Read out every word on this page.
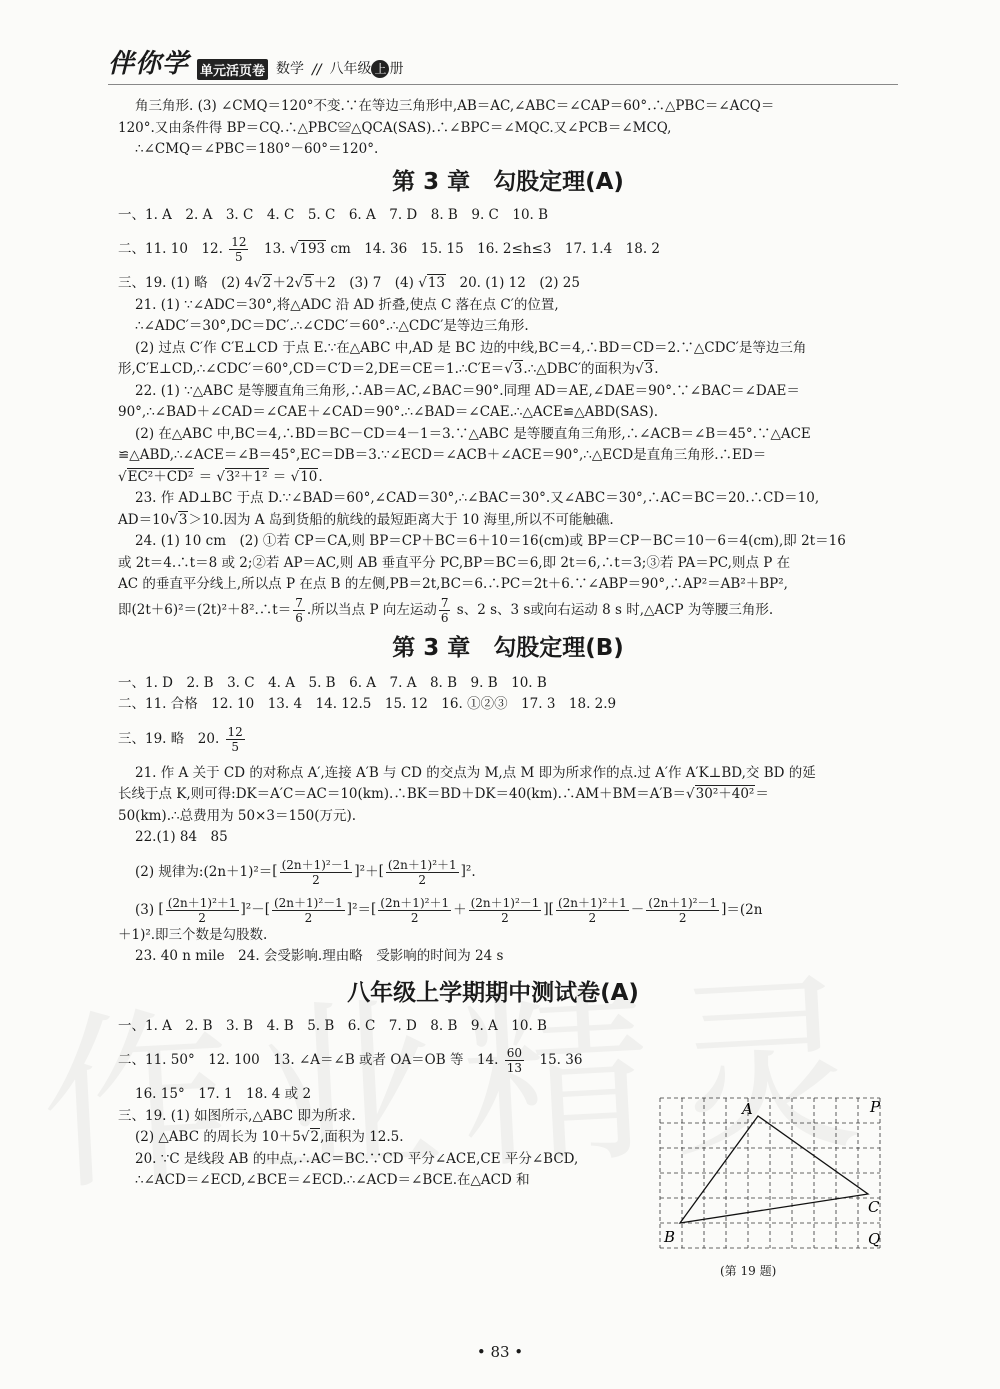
伴你学 单元活页卷 数学 // 八年级 上 册

角三角形. (3) ∠CMQ＝120°不变.∵在等边三角形中,AB＝AC,∠ABC＝∠CAP＝60°.∴△PBC＝∠ACQ＝

120°.又由条件得 BP＝CQ.∴△PBC≌△QCA(SAS).∴∠BPC＝∠MQC.又∠PCB＝∠MCQ,

∴∠CMQ＝∠PBC＝180°－60°＝120°.

第 3 章　勾股定理(A)

一、1. A　2. A　3. C　4. C　5. C　6. A　7. D　8. B　9. C　10. B

二、11. 10　12. $\frac{12}{5}$ 　13. √193 cm　14. 36　15. 15　16. 2≤h≤3　17. 1.4　18. 2

三、19. (1) 略　(2) 4√2＋2√5＋2　(3) 7　(4) √13　20. (1) 12　(2) 25

21. (1) ∵∠ADC＝30°,将△ADC 沿 AD 折叠,使点 C 落在点 C′的位置,

∴∠ADC′＝30°,DC＝DC′.∴∠CDC′＝60°.∴△CDC′是等边三角形.

(2) 过点 C′作 C′E⊥CD 于点 E.∵在△ABC 中,AD 是 BC 边的中线,BC＝4,∴BD＝CD＝2.∵△CDC′是等边三角

形,C′E⊥CD,∴∠CDC′＝60°,CD＝C′D＝2,DE＝CE＝1.∴C′E＝√3.∴△DBC′的面积为√3.

22. (1) ∵△ABC 是等腰直角三角形,∴AB＝AC,∠BAC＝90°.同理 AD＝AE,∠DAE＝90°.∵∠BAC＝∠DAE＝

90°,∴∠BAD＋∠CAD＝∠CAE＋∠CAD＝90°.∴∠BAD＝∠CAE.∴△ACE≌△ABD(SAS).

(2) 在△ABC 中,BC＝4,∴BD＝BC－CD＝4－1＝3.∵△ABC 是等腰直角三角形,∴∠ACB＝∠B＝45°.∵△ACE

≌△ABD,∴∠ACE＝∠B＝45°,EC＝DB＝3.∵∠ECD＝∠ACB＋∠ACE＝90°,∴△ECD是直角三角形.∴ED＝

√EC²＋CD² ＝ √3²＋1² ＝ √10.

23. 作 AD⊥BC 于点 D.∵∠BAD＝60°,∠CAD＝30°,∴∠BAC＝30°.又∠ABC＝30°,∴AC＝BC＝20.∴CD＝10,

AD＝10√3＞10.因为 A 岛到货船的航线的最短距离大于 10 海里,所以不可能触礁.

24. (1) 10 cm　(2) ①若 CP＝CA,则 BP＝CP＋BC＝6＋10＝16(cm)或 BP＝CP－BC＝10－6＝4(cm),即 2t＝16

或 2t＝4.∴t＝8 或 2;②若 AP＝AC,则 AB 垂直平分 PC,BP＝BC＝6,即 2t＝6,∴t＝3;③若 PA＝PC,则点 P 在

AC 的垂直平分线上,所以点 P 在点 B 的左侧,PB＝2t,BC＝6.∴PC＝2t＋6.∵∠ABP＝90°,∴AP²＝AB²＋BP²,

即(2t＋6)²＝(2t)²＋8².∴t＝ $\frac{7}{6}$ .所以当点 P 向左运动 $\frac{7}{6}$ s、2 s、3 s或向右运动 8 s 时,△ACP 为等腰三角形.

第 3 章　勾股定理(B)

一、1. D　2. B　3. C　4. A　5. B　6. A　7. A　8. B　9. B　10. B

二、11. 合格　12. 10　13. 4　14. 12.5　15. 12　16. ①②③　17. 3　18. 2.9

三、19. 略　20. $\frac{12}{5}$

21. 作 A 关于 CD 的对称点 A′,连接 A′B 与 CD 的交点为 M,点 M 即为所求作的点.过 A′作 A′K⊥BD,交 BD 的延

长线于点 K,则可得:DK＝A′C＝AC＝10(km).∴BK＝BD＋DK＝40(km).∴AM＋BM＝A′B＝√30²＋40²＝

50(km).∴总费用为 50×3＝150(万元).

22.(1) 84　85

(2) 规律为:(2n＋1)²＝[ $\frac{\text{(2n＋1)²－1}}{2} ]^2+[ \frac{\text{(2n＋1)²＋1}}{2} ]^2$.

(3) [ $\frac{\text{(2n＋1)²＋1}}{2} ]^2-[ \frac{\text{(2n＋1)²－1}}{2} ]^2=[ \frac{\text{(2n＋1)²＋1}}{2} + \frac{\text{(2n＋1)²－1}}{2}$ ][ $\frac{\text{(2n＋1)²＋1}}{2} - \frac{\text{(2n＋1)²－1}}{2} ]=(2n$

＋1)².即三个数是勾股数.

23. 40 n mile　24. 会受影响.理由略　受影响的时间为 24 s

八年级上学期期中测试卷(A)

一、1. A　2. B　3. B　4. B　5. B　6. C　7. D　8. B　9. A　10. B

二、11. 50°　12. 100　13. ∠A＝∠B 或者 OA＝OB 等　14. $\frac{60}{13}$ 　15. 36

16. 15°　17. 1　18. 4 或 2

三、19. (1) 如图所示,△ABC 即为所求.

(2) △ABC 的周长为 10＋5√2,面积为 12.5.

20. ∵C 是线段 AB 的中点,∴AC＝BC.∵CD 平分∠ACE,CE 平分∠BCD,

∴∠ACD＝∠ECD,∠BCE＝∠ECD.∴∠ACD＝∠BCE.在△ACD 和

A	P
C
B	Q
(第 19 题)
• 83 •
